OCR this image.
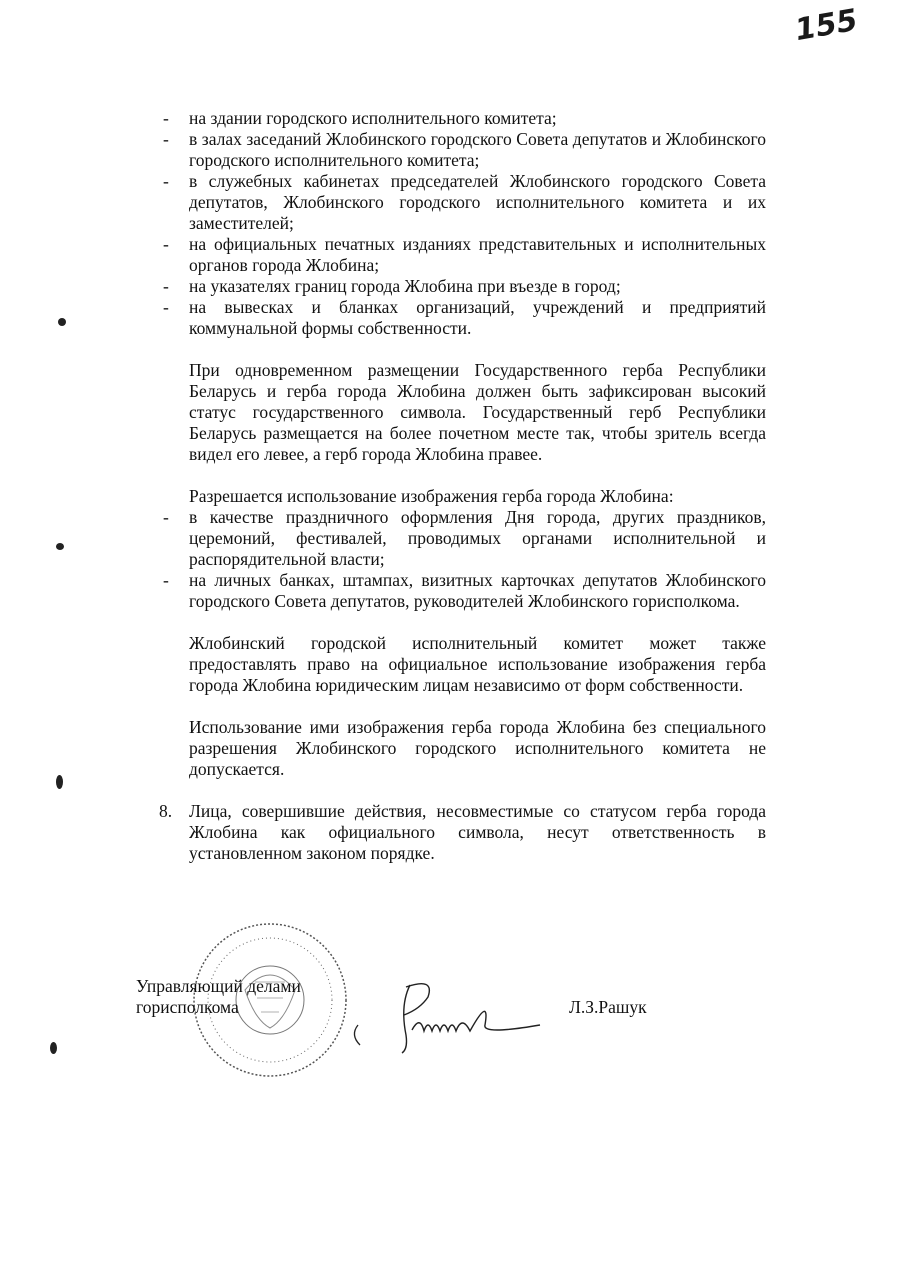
155
- на здании городского исполнительного комитета;
- в залах заседаний Жлобинского городского Совета депутатов и Жлобинского городского исполнительного комитета;
- в служебных кабинетах председателей Жлобинского городского Совета депутатов, Жлобинского городского исполнительного комитета и их заместителей;
- на официальных печатных изданиях представительных и исполнительных органов города Жлобина;
- на указателях границ города Жлобина при въезде в город;
- на вывесках и бланках организаций, учреждений и предприятий коммунальной формы собственности.
При одновременном размещении Государственного герба Республики Беларусь и герба города Жлобина должен быть зафиксирован высокий статус государственного символа. Государственный герб Республики Беларусь размещается на более почетном месте так, чтобы зритель всегда видел его левее, а герб города Жлобина правее.
Разрешается использование изображения герба города Жлобина:
- в качестве праздничного оформления Дня города, других праздников, церемоний, фестивалей, проводимых органами исполнительной и распорядительной власти;
- на личных банках, штампах, визитных карточках депутатов Жлобинского городского Совета депутатов, руководителей Жлобинского горисполкома.
Жлобинский городской исполнительный комитет может также предоставлять право на официальное использование изображения герба города Жлобина юридическим лицам независимо от форм собственности.
Использование ими изображения герба города Жлобина без специального разрешения Жлобинского городского исполнительного комитета не допускается.
8. Лица, совершившие действия, несовместимые со статусом герба города Жлобина как официального символа, несут ответственность в установленном законом порядке.
Управляющий делами
горисполкома	Л.З.Рашук
